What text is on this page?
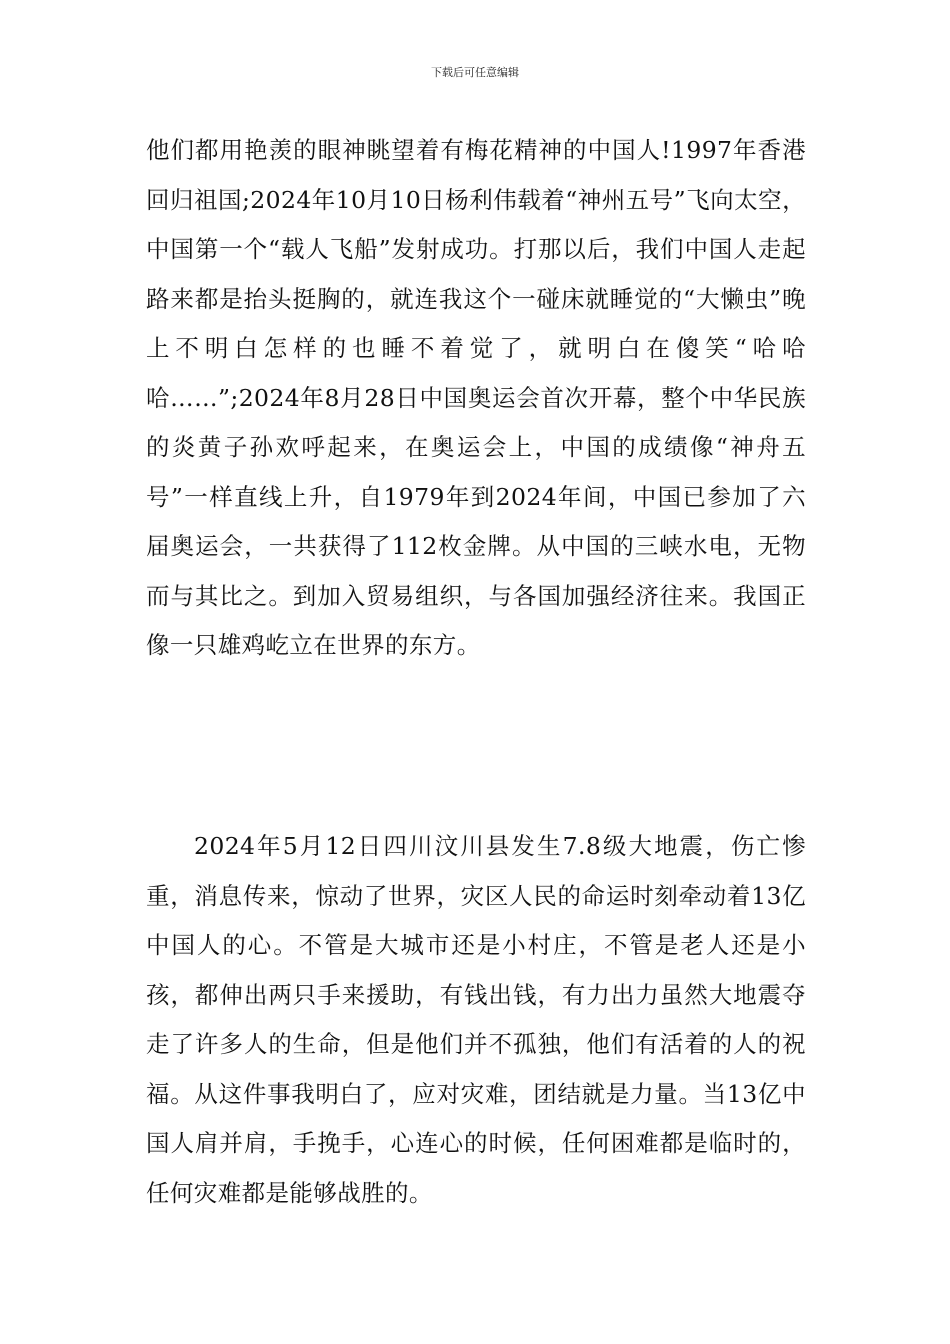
下载后可任意编辑

他们都用艳羡的眼神眺望着有梅花精神的中国人!1997年香港回归祖国;2024年10月10日杨利伟载着“神州五号”飞向太空，中国第一个“载人飞船”发射成功。打那以后，我们中国人走起路来都是抬头挺胸的，就连我这个一碰床就睡觉的“大懒虫”晚上不明白怎样的也睡不着觉了，就明白在傻笑“哈哈哈……”;2024年8月28日中国奥运会首次开幕，整个中华民族的炎黄子孙欢呼起来，在奥运会上，中国的成绩像“神舟五号”一样直线上升，自1979年到2024年间，中国已参加了六届奥运会，一共获得了112枚金牌。从中国的三峡水电，无物而与其比之。到加入贸易组织，与各国加强经济往来。我国正像一只雄鸡屹立在世界的东方。

2024年5月12日四川汶川县发生7.8级大地震，伤亡惨重，消息传来，惊动了世界，灾区人民的命运时刻牵动着13亿中国人的心。不管是大城市还是小村庄，不管是老人还是小孩，都伸出两只手来援助，有钱出钱，有力出力虽然大地震夺走了许多人的生命，但是他们并不孤独，他们有活着的人的祝福。从这件事我明白了，应对灾难，团结就是力量。当13亿中国人肩并肩，手挽手，心连心的时候，任何困难都是临时的，任何灾难都是能够战胜的。
